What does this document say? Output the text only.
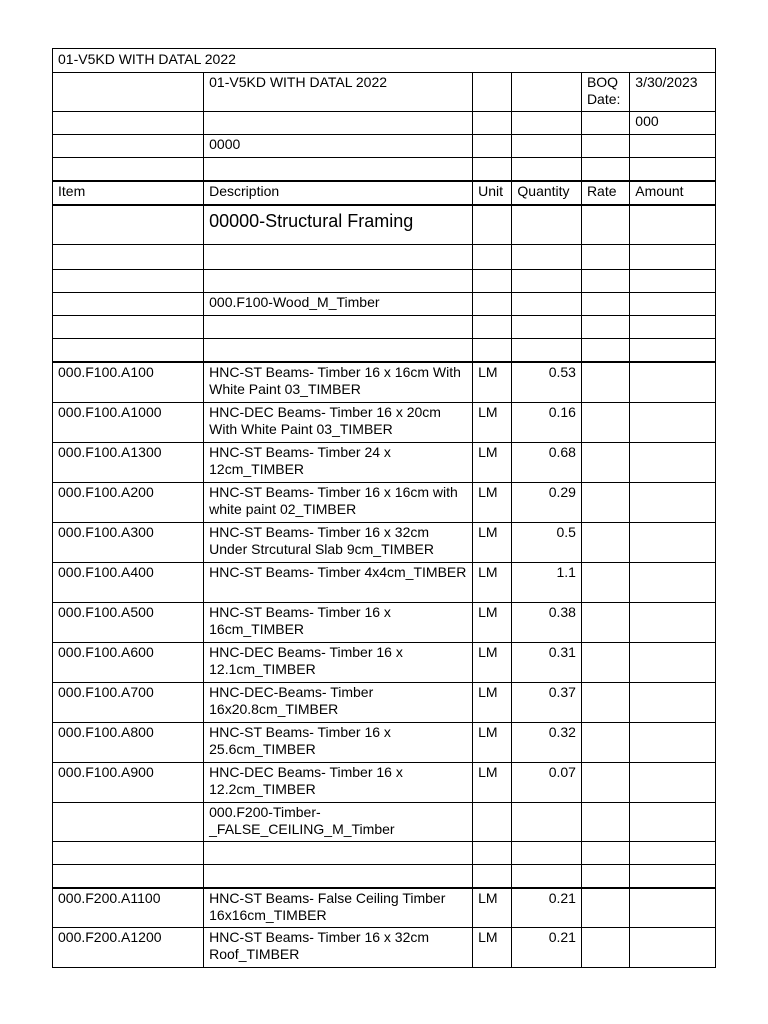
01-V5KD WITH DATAL 2022					
	01-V5KD WITH DATAL 2022			BOQ Date:	3/30/2023
					000
	0000				

Item	Description	Unit	Quantity	Rate	Amount
	00000-Structural Framing				

	000.F100-Wood_M_Timber				

000.F100.A100	HNC-ST Beams- Timber 16 x 16cm With White Paint 03_TIMBER	LM	0.53		
000.F100.A1000	HNC-DEC Beams- Timber 16 x 20cm With White Paint 03_TIMBER	LM	0.16		
000.F100.A1300	HNC-ST Beams- Timber 24 x 12cm_TIMBER	LM	0.68		
000.F100.A200	HNC-ST Beams- Timber 16 x 16cm with white paint 02_TIMBER	LM	0.29		
000.F100.A300	HNC-ST Beams- Timber 16 x 32cm Under Strcutural Slab 9cm_TIMBER	LM	0.5		
000.F100.A400	HNC-ST Beams- Timber 4x4cm_TIMBER	LM	1.1		
000.F100.A500	HNC-ST Beams- Timber 16 x 16cm_TIMBER	LM	0.38		
000.F100.A600	HNC-DEC Beams- Timber 16 x 12.1cm_TIMBER	LM	0.31		
000.F100.A700	HNC-DEC-Beams- Timber 16x20.8cm_TIMBER	LM	0.37		
000.F100.A800	HNC-ST Beams- Timber 16 x 25.6cm_TIMBER	LM	0.32		
000.F100.A900	HNC-DEC Beams- Timber 16 x 12.2cm_TIMBER	LM	0.07		
	000.F200-Timber-_FALSE_CEILING_M_Timber				

000.F200.A1100	HNC-ST Beams- False Ceiling Timber 16x16cm_TIMBER	LM	0.21		
000.F200.A1200	HNC-ST Beams- Timber 16 x 32cm Roof_TIMBER	LM	0.21		
